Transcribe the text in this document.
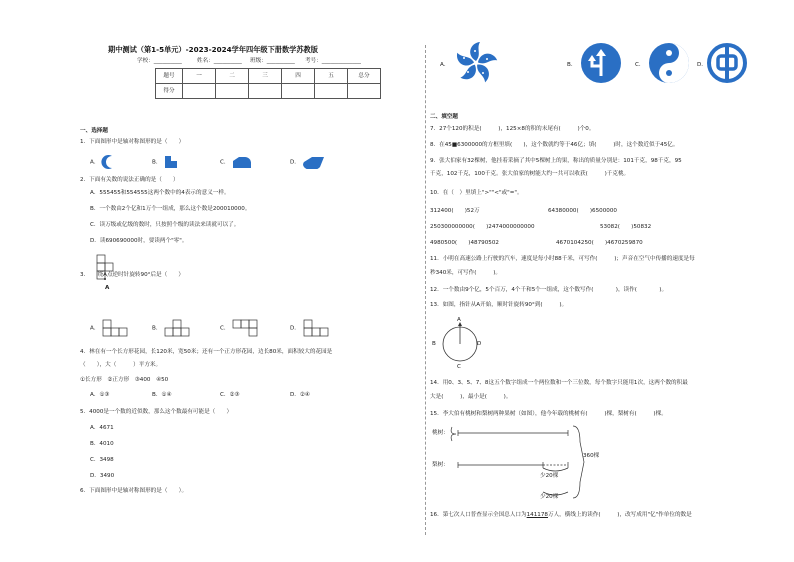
期中测试（第1-5单元）-2023-2024学年四年级下册数学苏教版
学校：__________	姓名：__________ 班级：__________ 考号：______________
题号	一	二	三	四	五	总分
得分						
一、选择题
1．下面图形中是轴对称图形的是（　　）
A．	B．	C．	D．
2．下面有关数的说法正确的是（　　）
A．555455和554555这两个数中的4表示的意义一样。
B．一个数由2个亿和1万个一组成，那么这个数是200010000。
C．读万级或亿级的数时，只按照个级的读法来读就可以了。
D．读690690000时，要读两个"零"。
A
3．　　绕A点逆时针旋转90°后是（　　）
A．	B．	C．	D．
4．林在有一个长方形花园，长120米，宽50米；还有一个正方形花园，边长80米，面积较大的花园是
（　　），大（　　　）平方米。
①长方形　②正方形　③400　④50
A．①③	B．①④	C．②③	D．②④
5．4000是一个数的近似数，那么这个数最有可能是（　　）
A．4671
B．4010
C．3498
D．3490
6．下面图形中是轴对称图形的是（　　）。
A．	B．	C．	D．
二、填空题
7．27个120的积是(　　　)，125×8的积的末尾有(　　　)个0。
8．在45■6300000的方框里填(　　)，这个数就约等于46亿；填(　　　)时，这个数近似于45亿。
9．张大伯家有32棵树，他挂着采摘了其中5棵树上的果，称出的质量分别是：101千克，98千克，95
千克，102千克，100千克。张大伯家的树能大约一共可以收获(　　　)千克桃。
10．在（　）里填上">""<"或"="。
312400(　　)52万	64380000(　　)6500000
250300000000(　　)2474000000000	53082(　　)50832
4980500(　　)48790502	4670104250(　　)4670259870
11．小明在高速公路上行驶的汽车，速度是每小时88千米，可写作(　　　)；声音在空气中传播的速度是每
秒340米，可写作(　　　)。
12．一个数由9个亿，5个百万，4个千和5个一组成，这个数写作(　　　　)，读作(　　　　)。
13．如图，指针从A开始，顺时针旋转90°到(　　　)。
A
B	D
C
14．用0、3、5、7、8这五个数字组成一个两位数和一个三位数，每个数字只能用1次，这两个数的积最
大是(　　　)，最小是(　　　)。
15．李大伯有桃树和梨树两种果树（如图），他今年载的桃树有(　　　)棵，梨树有(　　　)棵。
桃树：
梨树：
360棵
少20棵
少20棵
16．第七次人口普查显示全国总人口为141178万人，横线上的读作(　　　)，改写成用"亿"作单位的数是
